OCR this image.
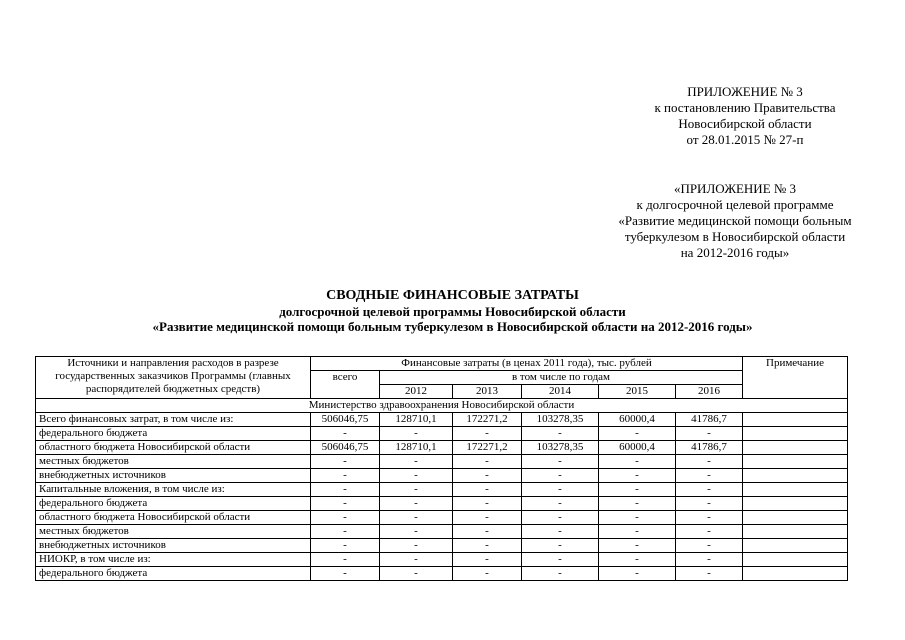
ПРИЛОЖЕНИЕ № 3
к постановлению Правительства
Новосибирской области
от 28.01.2015 № 27-п
«ПРИЛОЖЕНИЕ № 3
к долгосрочной целевой программе
«Развитие медицинской помощи больным
туберкулезом в Новосибирской области
на 2012-2016 годы»
СВОДНЫЕ ФИНАНСОВЫЕ ЗАТРАТЫ
долгосрочной целевой программы Новосибирской области
«Развитие медицинской помощи больным туберкулезом в Новосибирской области на 2012-2016 годы»
Источники и направления расходов в разрезе государственных заказчиков Программы (главных распорядителей бюджетных средств)	Финансовые затраты (в ценах 2011 года), тыс. рублей						Примечание
	всего	в том числе по годам					
		2012	2013	2014	2015	2016	
Министерство здравоохранения Новосибирской области							
Всего финансовых затрат, в том числе из:	506046,75	128710,1	172271,2	103278,35	60000,4	41786,7	
федерального бюджета	-	-	-	-	-	-	
областного бюджета Новосибирской области	506046,75	128710,1	172271,2	103278,35	60000,4	41786,7	
местных бюджетов	-	-	-	-	-	-	
внебюджетных источников	-	-	-	-	-	-	
Капитальные вложения, в том числе из:	-	-	-	-	-	-	
федерального бюджета	-	-	-	-	-	-	
областного бюджета Новосибирской области	-	-	-	-	-	-	
местных бюджетов	-	-	-	-	-	-	
внебюджетных источников	-	-	-	-	-	-	
НИОКР, в том числе из:	-	-	-	-	-	-	
федерального бюджета	-	-	-	-	-	-	
